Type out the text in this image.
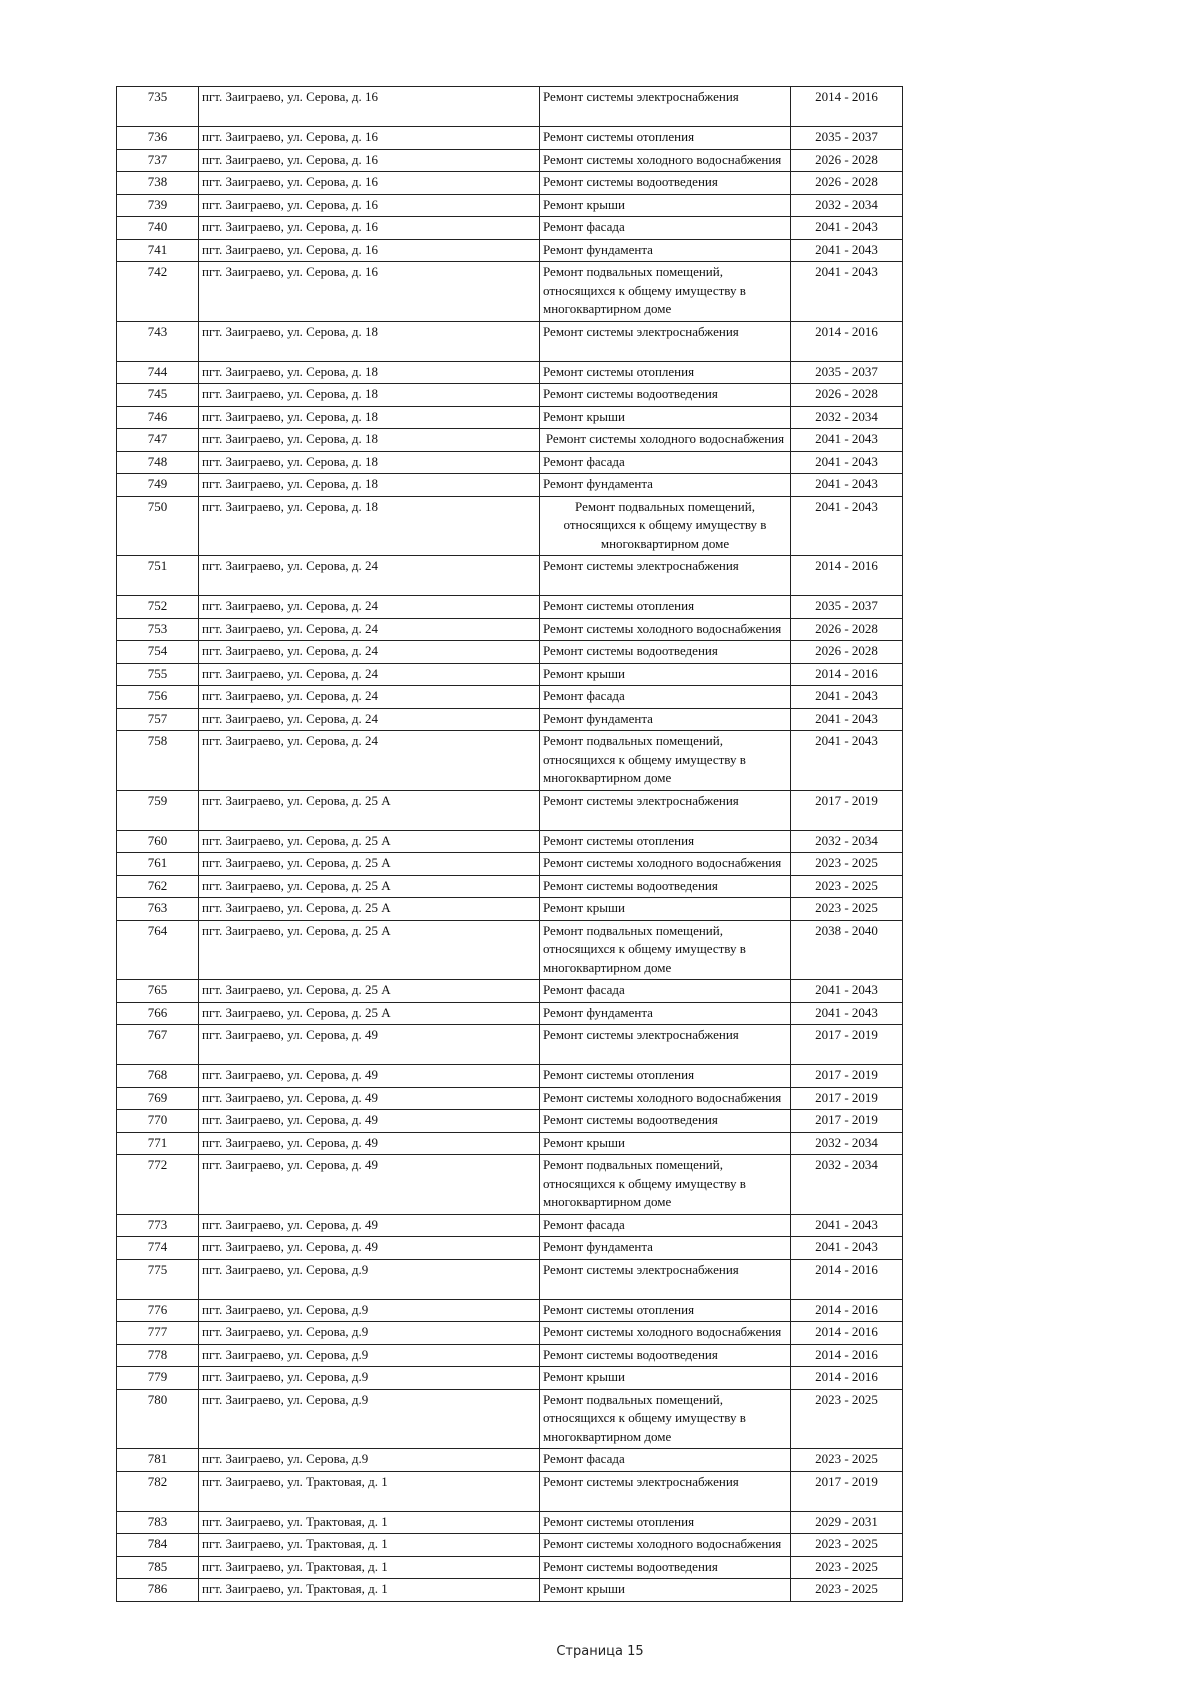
735	пгт. Заиграево, ул. Серова, д. 16	Ремонт системы электроснабжения	2014 - 2016
736	пгт. Заиграево, ул. Серова, д. 16	Ремонт системы отопления	2035 - 2037
737	пгт. Заиграево, ул. Серова, д. 16	Ремонт системы холодного водоснабжения	2026 - 2028
738	пгт. Заиграево, ул. Серова, д. 16	Ремонт системы водоотведения	2026 - 2028
739	пгт. Заиграево, ул. Серова, д. 16	Ремонт крыши	2032 - 2034
740	пгт. Заиграево, ул. Серова, д. 16	Ремонт фасада	2041 - 2043
741	пгт. Заиграево, ул. Серова, д. 16	Ремонт фундамента	2041 - 2043
742	пгт. Заиграево, ул. Серова, д. 16	Ремонт подвальных помещений, относящихся к общему имуществу в многоквартирном доме	2041 - 2043
743	пгт. Заиграево, ул. Серова, д. 18	Ремонт системы электроснабжения	2014 - 2016
744	пгт. Заиграево, ул. Серова, д. 18	Ремонт системы отопления	2035 - 2037
745	пгт. Заиграево, ул. Серова, д. 18	Ремонт системы водоотведения	2026 - 2028
746	пгт. Заиграево, ул. Серова, д. 18	Ремонт крыши	2032 - 2034
747	пгт. Заиграево, ул. Серова, д. 18	Ремонт системы холодного водоснабжения	2041 - 2043
748	пгт. Заиграево, ул. Серова, д. 18	Ремонт фасада	2041 - 2043
749	пгт. Заиграево, ул. Серова, д. 18	Ремонт фундамента	2041 - 2043
750	пгт. Заиграево, ул. Серова, д. 18	Ремонт подвальных помещений, относящихся к общему имуществу в многоквартирном доме	2041 - 2043
751	пгт. Заиграево, ул. Серова, д. 24	Ремонт системы электроснабжения	2014 - 2016
752	пгт. Заиграево, ул. Серова, д. 24	Ремонт системы отопления	2035 - 2037
753	пгт. Заиграево, ул. Серова, д. 24	Ремонт системы холодного водоснабжения	2026 - 2028
754	пгт. Заиграево, ул. Серова, д. 24	Ремонт системы водоотведения	2026 - 2028
755	пгт. Заиграево, ул. Серова, д. 24	Ремонт крыши	2014 - 2016
756	пгт. Заиграево, ул. Серова, д. 24	Ремонт фасада	2041 - 2043
757	пгт. Заиграево, ул. Серова, д. 24	Ремонт фундамента	2041 - 2043
758	пгт. Заиграево, ул. Серова, д. 24	Ремонт подвальных помещений, относящихся к общему имуществу в многоквартирном доме	2041 - 2043
759	пгт. Заиграево, ул. Серова, д. 25 А	Ремонт системы электроснабжения	2017 - 2019
760	пгт. Заиграево, ул. Серова, д. 25 А	Ремонт системы отопления	2032 - 2034
761	пгт. Заиграево, ул. Серова, д. 25 А	Ремонт системы холодного водоснабжения	2023 - 2025
762	пгт. Заиграево, ул. Серова, д. 25 А	Ремонт системы водоотведения	2023 - 2025
763	пгт. Заиграево, ул. Серова, д. 25 А	Ремонт крыши	2023 - 2025
764	пгт. Заиграево, ул. Серова, д. 25 А	Ремонт подвальных помещений, относящихся к общему имуществу в многоквартирном доме	2038 - 2040
765	пгт. Заиграево, ул. Серова, д. 25 А	Ремонт фасада	2041 - 2043
766	пгт. Заиграево, ул. Серова, д. 25 А	Ремонт фундамента	2041 - 2043
767	пгт. Заиграево, ул. Серова, д. 49	Ремонт системы электроснабжения	2017 - 2019
768	пгт. Заиграево, ул. Серова, д. 49	Ремонт системы отопления	2017 - 2019
769	пгт. Заиграево, ул. Серова, д. 49	Ремонт системы холодного водоснабжения	2017 - 2019
770	пгт. Заиграево, ул. Серова, д. 49	Ремонт системы водоотведения	2017 - 2019
771	пгт. Заиграево, ул. Серова, д. 49	Ремонт крыши	2032 - 2034
772	пгт. Заиграево, ул. Серова, д. 49	Ремонт подвальных помещений, относящихся к общему имуществу в многоквартирном доме	2032 - 2034
773	пгт. Заиграево, ул. Серова, д. 49	Ремонт фасада	2041 - 2043
774	пгт. Заиграево, ул. Серова, д. 49	Ремонт фундамента	2041 - 2043
775	пгт. Заиграево, ул. Серова, д.9	Ремонт системы электроснабжения	2014 - 2016
776	пгт. Заиграево, ул. Серова, д.9	Ремонт системы отопления	2014 - 2016
777	пгт. Заиграево, ул. Серова, д.9	Ремонт системы холодного водоснабжения	2014 - 2016
778	пгт. Заиграево, ул. Серова, д.9	Ремонт системы водоотведения	2014 - 2016
779	пгт. Заиграево, ул. Серова, д.9	Ремонт крыши	2014 - 2016
780	пгт. Заиграево, ул. Серова, д.9	Ремонт подвальных помещений, относящихся к общему имуществу в многоквартирном доме	2023 - 2025
781	пгт. Заиграево, ул. Серова, д.9	Ремонт фасада	2023 - 2025
782	пгт. Заиграево, ул. Трактовая, д. 1	Ремонт системы электроснабжения	2017 - 2019
783	пгт. Заиграево, ул. Трактовая, д. 1	Ремонт системы отопления	2029 - 2031
784	пгт. Заиграево, ул. Трактовая, д. 1	Ремонт системы холодного водоснабжения	2023 - 2025
785	пгт. Заиграево, ул. Трактовая, д. 1	Ремонт системы водоотведения	2023 - 2025
786	пгт. Заиграево, ул. Трактовая, д. 1	Ремонт крыши	2023 - 2025
Страница 15
